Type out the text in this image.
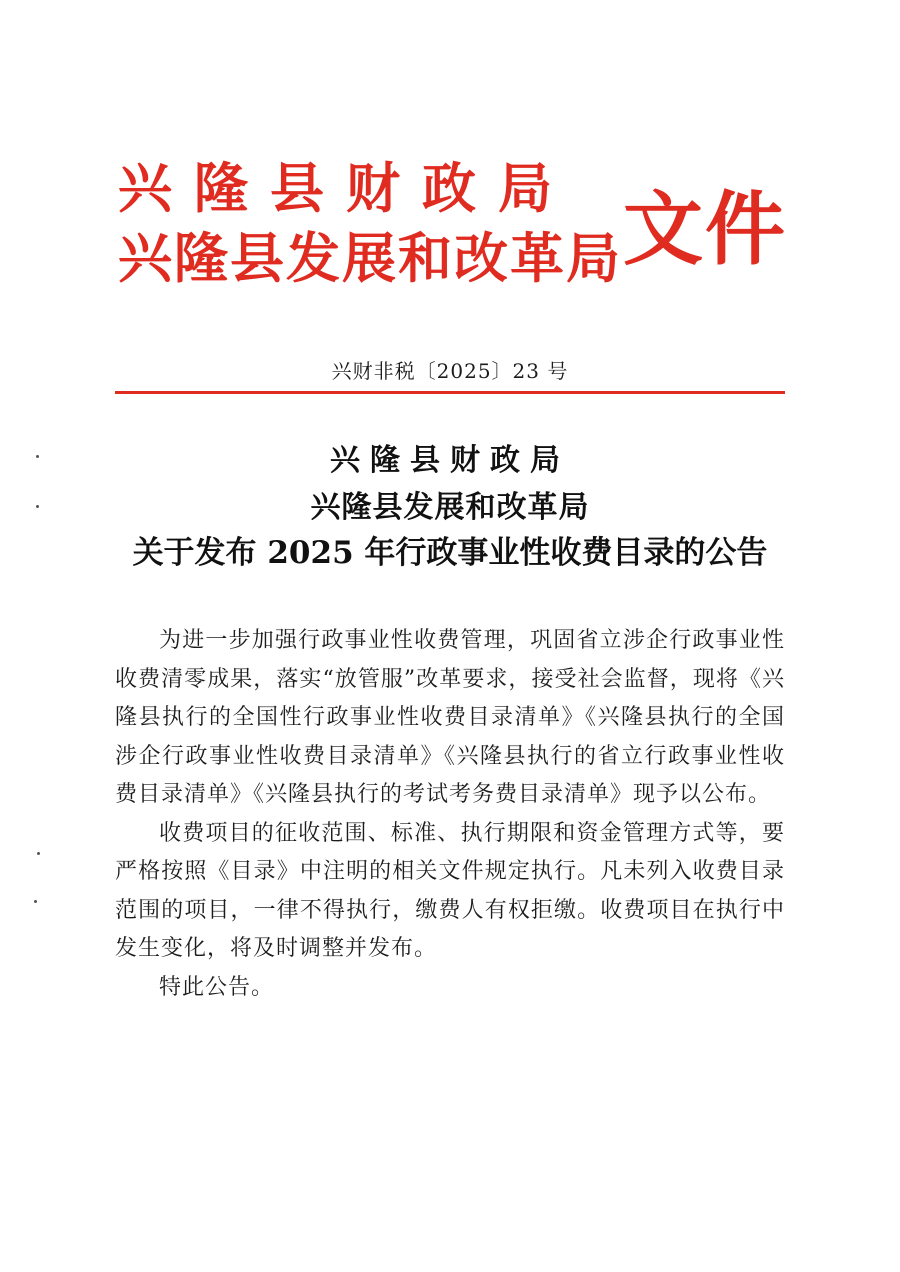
兴隆县财政局
兴隆县发展和改革局 文件
兴财非税〔2025〕23 号
兴隆县财政局
兴隆县发展和改革局
关于发布 2025 年行政事业性收费目录的公告

为进一步加强行政事业性收费管理，巩固省立涉企行政事业性收费清零成果，落实“放管服”改革要求，接受社会监督，现将《兴隆县执行的全国性行政事业性收费目录清单》《兴隆县执行的全国涉企行政事业性收费目录清单》《兴隆县执行的省立行政事业性收费目录清单》《兴隆县执行的考试考务费目录清单》现予以公布。

收费项目的征收范围、标准、执行期限和资金管理方式等，要严格按照《目录》中注明的相关文件规定执行。凡未列入收费目录范围的项目，一律不得执行，缴费人有权拒缴。收费项目在执行中发生变化，将及时调整并发布。

特此公告。
